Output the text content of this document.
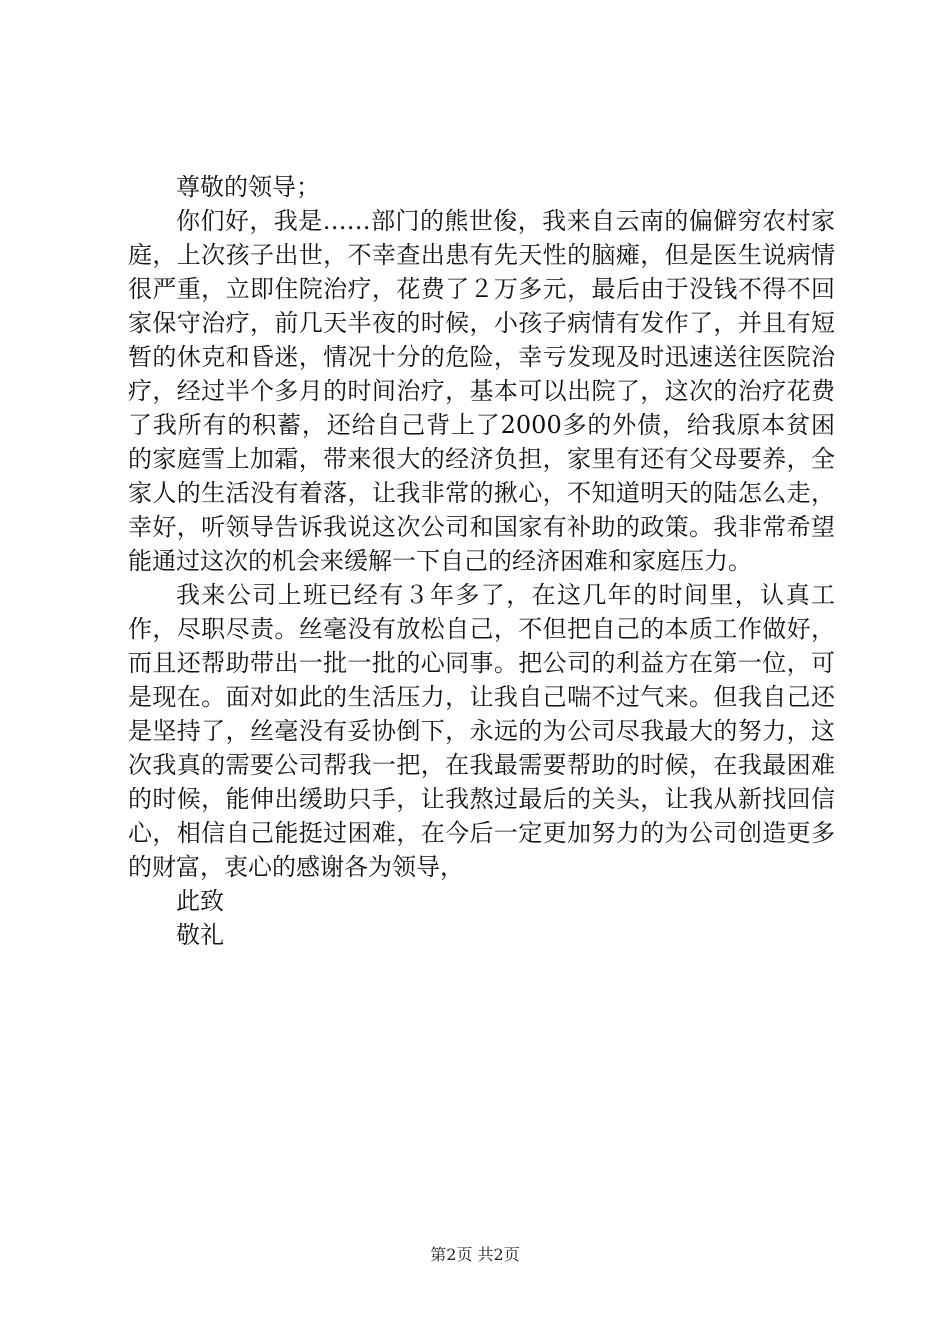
尊敬的领导；

你们好，我是……部门的熊世俊，我来自云南的偏僻穷农村家庭，上次孩子出世，不幸查出患有先天性的脑瘫，但是医生说病情很严重，立即住院治疗，花费了２万多元，最后由于没钱不得不回家保守治疗，前几天半夜的时候，小孩子病情有发作了，并且有短暂的休克和昏迷，情况十分的危险，幸亏发现及时迅速送往医院治疗，经过半个多月的时间治疗，基本可以出院了，这次的治疗花费了我所有的积蓄，还给自己背上了2000多的外债，给我原本贫困的家庭雪上加霜，带来很大的经济负担，家里有还有父母要养，全家人的生活没有着落，让我非常的揪心，不知道明天的陆怎么走，幸好，听领导告诉我说这次公司和国家有补助的政策。我非常希望能通过这次的机会来缓解一下自己的经济困难和家庭压力。

我来公司上班已经有３年多了，在这几年的时间里，认真工作，尽职尽责。丝毫没有放松自己，不但把自己的本质工作做好，而且还帮助带出一批一批的心同事。把公司的利益方在第一位，可是现在。面对如此的生活压力，让我自己喘不过气来。但我自己还是坚持了，丝毫没有妥协倒下，永远的为公司尽我最大的努力，这次我真的需要公司帮我一把，在我最需要帮助的时候，在我最困难的时候，能伸出缓助只手，让我熬过最后的关头，让我从新找回信心，相信自己能挺过困难，在今后一定更加努力的为公司创造更多的财富，衷心的感谢各为领导，

此致

敬礼

第2页 共2页
